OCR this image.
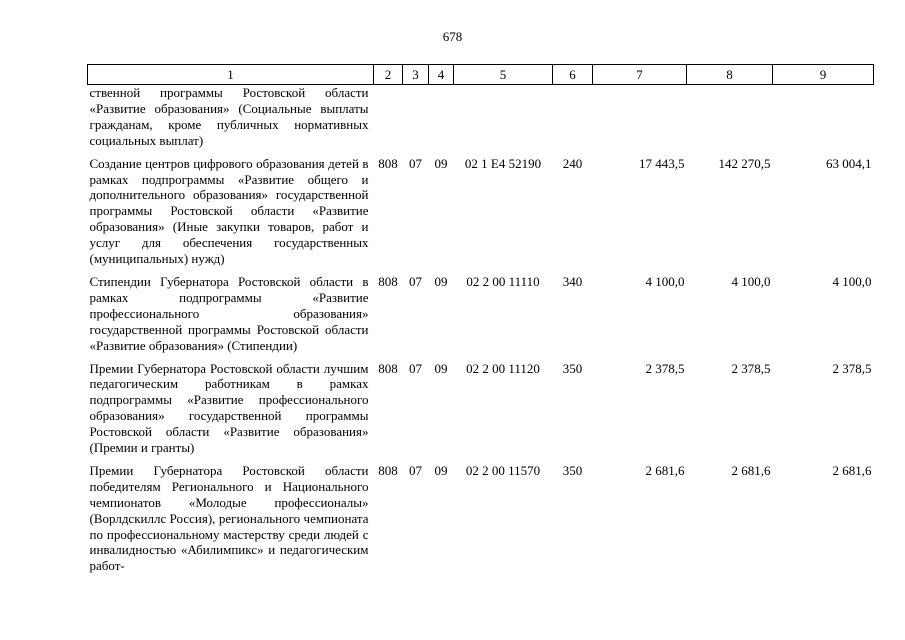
678
1	2	3	4	5	6	7	8	9
ственной программы Ростовской области «Развитие образования» (Социальные выплаты гражданам, кроме публичных нормативных социальных выплат)								
Создание центров цифрового образования детей в рамках подпрограммы «Развитие общего и дополнительного образования» государственной программы Ростовской области «Развитие образования» (Иные закупки товаров, работ и услуг для обеспечения государственных (муниципальных) нужд)	808	07	09	02 1 E4 52190	240	17 443,5	142 270,5	63 004,1
Стипендии Губернатора Ростовской области в рамках подпрограммы «Развитие профессионального образования» государственной программы Ростовской области «Развитие образования» (Стипендии)	808	07	09	02 2 00 11110	340	4 100,0	4 100,0	4 100,0
Премии Губернатора Ростовской области лучшим педагогическим работникам в рамках подпрограммы «Развитие профессионального образования» государственной программы Ростовской области «Развитие образования» (Премии и гранты)	808	07	09	02 2 00 11120	350	2 378,5	2 378,5	2 378,5
Премии Губернатора Ростовской области победителям Регионального и Национального чемпионатов «Молодые профессионалы» (Ворлдскиллс Россия), регионального чемпионата по профессиональному мастерству среди людей с инвалидностью «Абилимпикс» и педагогическим работ-	808	07	09	02 2 00 11570	350	2 681,6	2 681,6	2 681,6
